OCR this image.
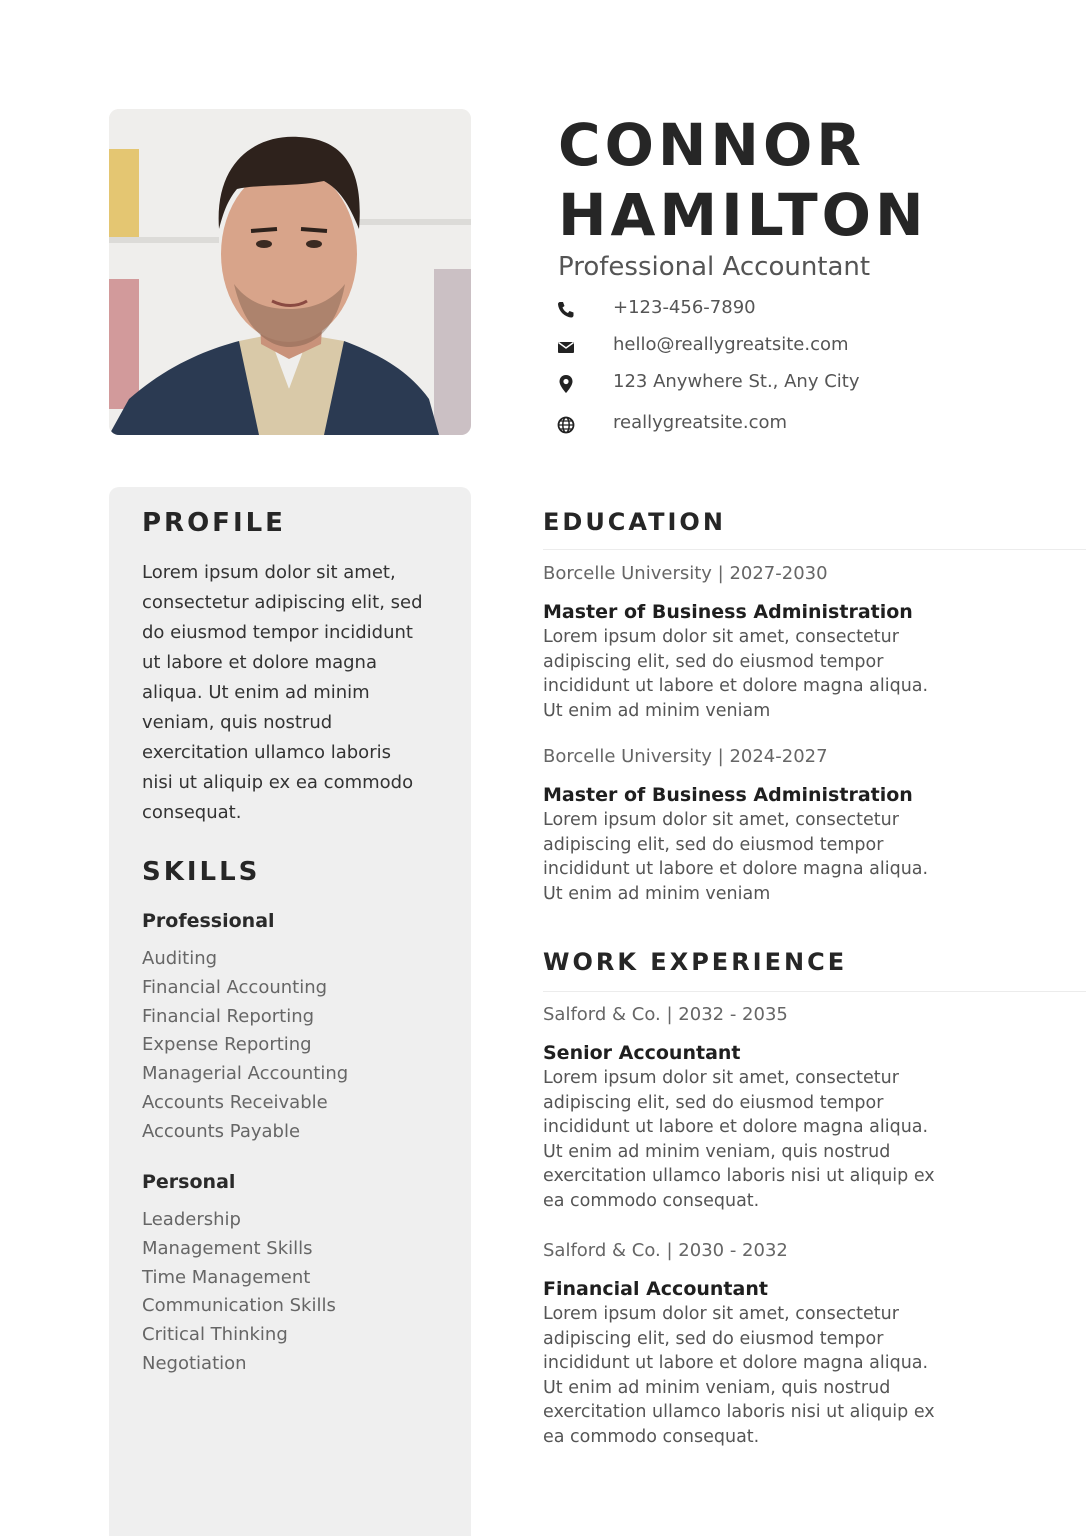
CONNOR
HAMILTON
Professional Accountant
+123-456-7890
hello@reallygreatsite.com
123 Anywhere St., Any City
reallygreatsite.com
PROFILE
Lorem ipsum dolor sit amet,
consectetur adipiscing elit, sed
do eiusmod tempor incididunt
ut labore et dolore magna
aliqua. Ut enim ad minim
veniam, quis nostrud
exercitation ullamco laboris
nisi ut aliquip ex ea commodo
consequat.
SKILLS
Professional
Auditing
Financial Accounting
Financial Reporting
Expense Reporting
Managerial Accounting
Accounts Receivable
Accounts Payable
Personal
Leadership
Management Skills
Time Management
Communication Skills
Critical Thinking
Negotiation
EDUCATION
Borcelle University | 2027-2030
Master of Business Administration
Lorem ipsum dolor sit amet, consectetur
adipiscing elit, sed do eiusmod tempor
incididunt ut labore et dolore magna aliqua.
Ut enim ad minim veniam
Borcelle University | 2024-2027
Master of Business Administration
Lorem ipsum dolor sit amet, consectetur
adipiscing elit, sed do eiusmod tempor
incididunt ut labore et dolore magna aliqua.
Ut enim ad minim veniam
WORK EXPERIENCE
Salford & Co. | 2032 - 2035
Senior Accountant
Lorem ipsum dolor sit amet, consectetur
adipiscing elit, sed do eiusmod tempor
incididunt ut labore et dolore magna aliqua.
Ut enim ad minim veniam, quis nostrud
exercitation ullamco laboris nisi ut aliquip ex
ea commodo consequat.
Salford & Co. | 2030 - 2032
Financial Accountant
Lorem ipsum dolor sit amet, consectetur
adipiscing elit, sed do eiusmod tempor
incididunt ut labore et dolore magna aliqua.
Ut enim ad minim veniam, quis nostrud
exercitation ullamco laboris nisi ut aliquip ex
ea commodo consequat.
